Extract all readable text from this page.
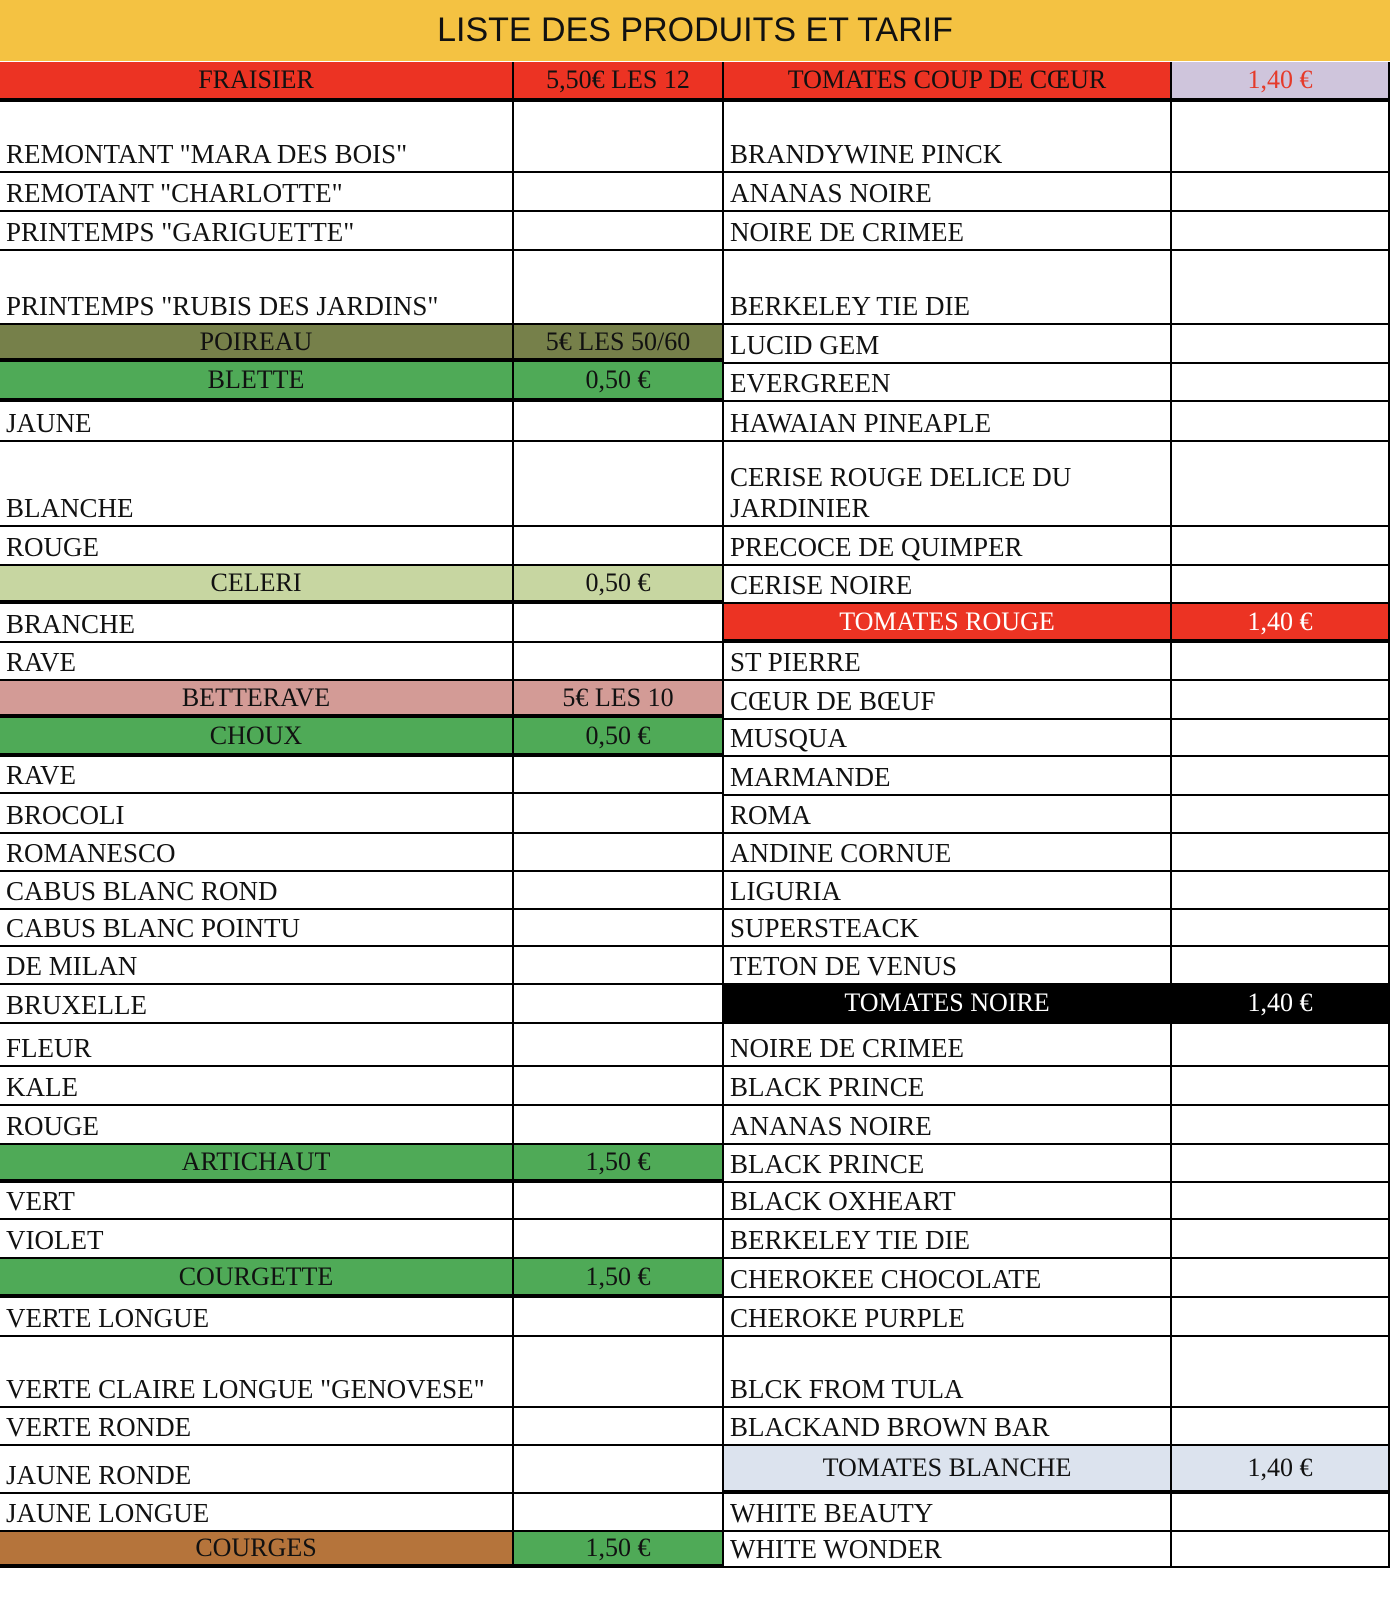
LISTE DES PRODUITS ET TARIF
FRAISIER	5,50€ LES 12
REMONTANT "MARA DES BOIS"
REMOTANT "CHARLOTTE"
PRINTEMPS "GARIGUETTE"
PRINTEMPS "RUBIS DES JARDINS"
POIREAU	5€ LES 50/60
BLETTE	0,50 €
JAUNE
BLANCHE
ROUGE
CELERI	0,50 €
BRANCHE
RAVE
BETTERAVE	5€ LES 10
CHOUX	0,50 €
RAVE
BROCOLI
ROMANESCO
CABUS BLANC ROND
CABUS BLANC POINTU
DE MILAN
BRUXELLE
FLEUR
KALE
ROUGE
ARTICHAUT	1,50 €
VERT
VIOLET
COURGETTE	1,50 €
VERTE LONGUE
VERTE CLAIRE LONGUE "GENOVESE"
VERTE RONDE
JAUNE RONDE
JAUNE LONGUE
COURGES	1,50 €
TOMATES COUP DE CŒUR	1,40 €
BRANDYWINE PINCK
ANANAS NOIRE
NOIRE DE CRIMEE
BERKELEY TIE DIE
LUCID GEM
EVERGREEN
HAWAIAN PINEAPLE
CERISE ROUGE DELICE DU JARDINIER
PRECOCE DE QUIMPER
CERISE NOIRE
TOMATES ROUGE	1,40 €
ST PIERRE
CŒUR DE BŒUF
MUSQUA
MARMANDE
ROMA
ANDINE CORNUE
LIGURIA
SUPERSTEACK
TETON DE VENUS
TOMATES NOIRE	1,40 €
NOIRE DE CRIMEE
BLACK PRINCE
ANANAS NOIRE
BLACK PRINCE
BLACK OXHEART
BERKELEY TIE DIE
CHEROKEE CHOCOLATE
CHEROKE PURPLE
BLCK FROM TULA
BLACKAND BROWN BAR
TOMATES BLANCHE	1,40 €
WHITE BEAUTY
WHITE WONDER
